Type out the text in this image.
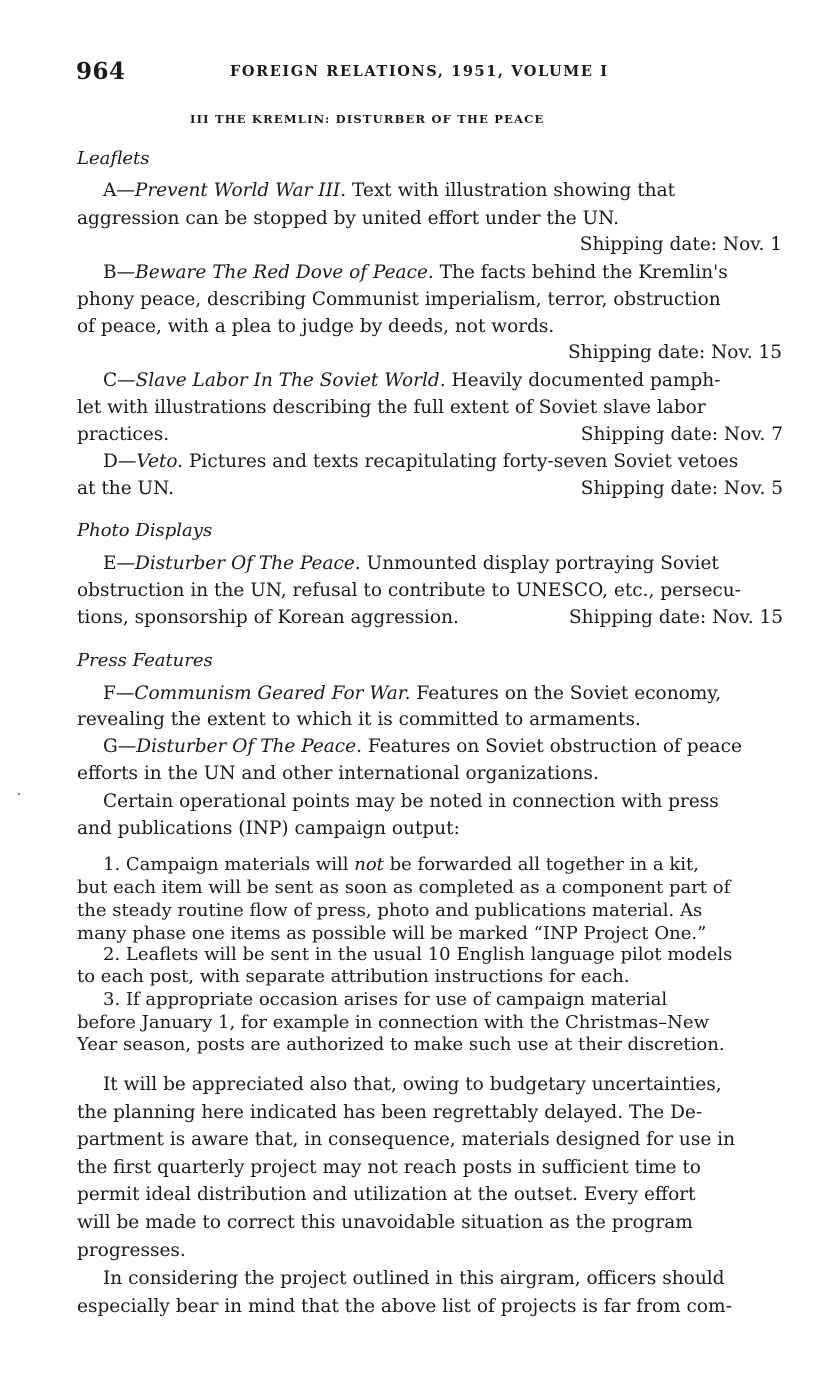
964	FOREIGN RELATIONS, 1951, VOLUME I
III THE KREMLIN: DISTURBER OF THE PEACE
Leaflets
A—Prevent World War III. Text with illustration showing that
aggression can be stopped by united effort under the UN.
Shipping date: Nov. 1
B—Beware The Red Dove of Peace. The facts behind the Kremlin's
phony peace, describing Communist imperialism, terror, obstruction
of peace, with a plea to judge by deeds, not words.
Shipping date: Nov. 15
C—Slave Labor In The Soviet World. Heavily documented pamph-
let with illustrations describing the full extent of Soviet slave labor
practices.	Shipping date: Nov. 7
D—Veto. Pictures and texts recapitulating forty-seven Soviet vetoes
at the UN.	Shipping date: Nov. 5
Photo Displays
E—Disturber Of The Peace. Unmounted display portraying Soviet
obstruction in the UN, refusal to contribute to UNESCO, etc., persecu-
tions, sponsorship of Korean aggression.	Shipping date: Nov. 15
Press Features
F—Communism Geared For War. Features on the Soviet economy,
revealing the extent to which it is committed to armaments.
G—Disturber Of The Peace. Features on Soviet obstruction of peace
efforts in the UN and other international organizations.
Certain operational points may be noted in connection with press
and publications (INP) campaign output:
1. Campaign materials will not be forwarded all together in a kit,
but each item will be sent as soon as completed as a component part of
the steady routine flow of press, photo and publications material. As
many phase one items as possible will be marked “INP Project One.”
2. Leaflets will be sent in the usual 10 English language pilot models
to each post, with separate attribution instructions for each.
3. If appropriate occasion arises for use of campaign material
before January 1, for example in connection with the Christmas–New
Year season, posts are authorized to make such use at their discretion.
It will be appreciated also that, owing to budgetary uncertainties,
the planning here indicated has been regrettably delayed. The De-
partment is aware that, in consequence, materials designed for use in
the first quarterly project may not reach posts in sufficient time to
permit ideal distribution and utilization at the outset. Every effort
will be made to correct this unavoidable situation as the program
progresses.
In considering the project outlined in this airgram, officers should
especially bear in mind that the above list of projects is far from com-
